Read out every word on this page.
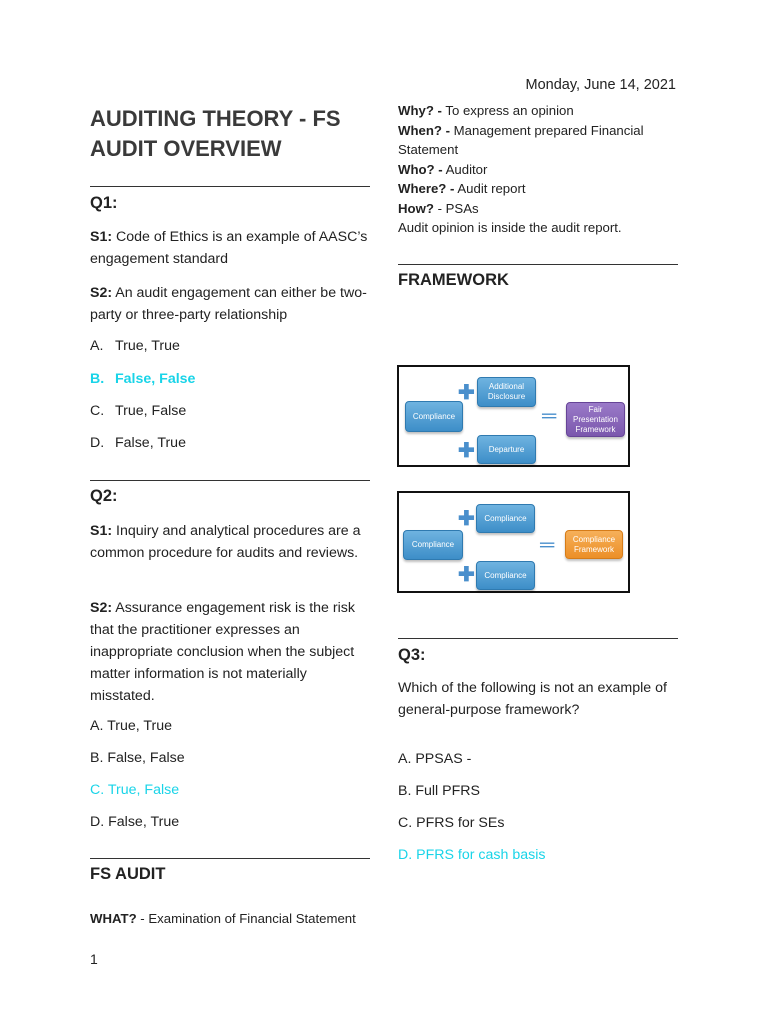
Monday, June 14, 2021
AUDITING THEORY - FS AUDIT OVERVIEW
Q1:
S1: Code of Ethics is an example of AASC’s engagement standard
S2: An audit engagement can either be two-party or three-party relationship
A. True, True
B. False, False
C. True, False
D. False, True
Q2:
S1: Inquiry and analytical procedures are a common procedure for audits and reviews.
S2: Assurance engagement risk is the risk that the practitioner expresses an inappropriate conclusion when the subject matter information is not materially misstated.
A. True, True
B. False, False
C. True, False
D. False, True
FS AUDIT
WHAT? - Examination of Financial Statement
1
Why? - To express an opinion
When? - Management prepared Financial Statement
Who? - Auditor
Where? - Audit report
How? - PSAs
Audit opinion is inside the audit report.
FRAMEWORK
Compliance
✚	Additional Disclosure
✚	Departure
═	Fair Presentation Framework
Compliance
✚	Compliance
✚	Compliance
═	Compliance Framework
Q3:
Which of the following is not an example of general-purpose framework?
A. PPSAS -
B. Full PFRS
C. PFRS for SEs
D. PFRS for cash basis
